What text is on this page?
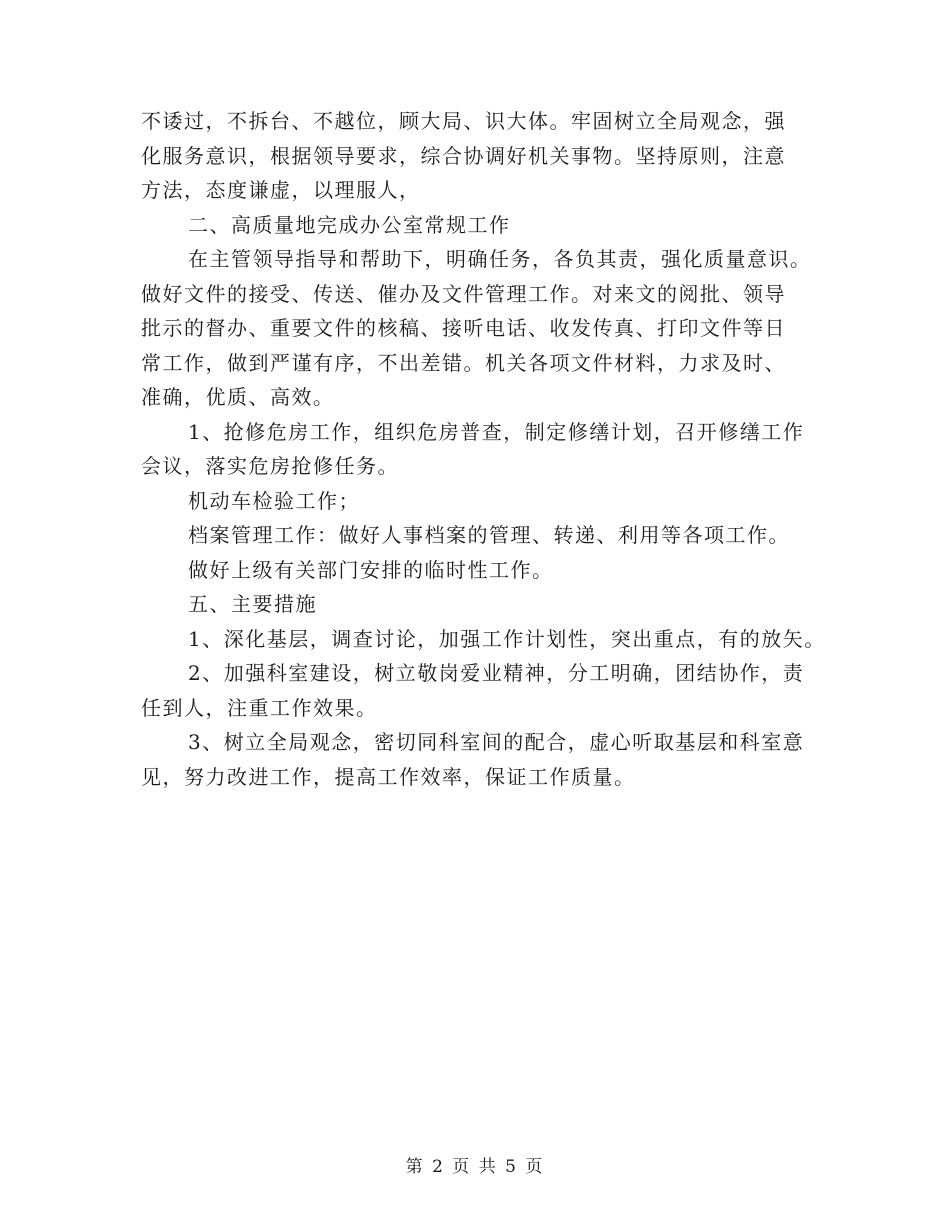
不诿过，不拆台、不越位，顾大局、识大体。牢固树立全局观念，强
化服务意识，根据领导要求，综合协调好机关事物。坚持原则，注意
方法，态度谦虚，以理服人，
二、高质量地完成办公室常规工作
在主管领导指导和帮助下，明确任务，各负其责，强化质量意识。
做好文件的接受、传送、催办及文件管理工作。对来文的阅批、领导
批示的督办、重要文件的核稿、接听电话、收发传真、打印文件等日
常工作，做到严谨有序，不出差错。机关各项文件材料，力求及时、
准确，优质、高效。
1、抢修危房工作，组织危房普查，制定修缮计划，召开修缮工作
会议，落实危房抢修任务。
机动车检验工作；
档案管理工作：做好人事档案的管理、转递、利用等各项工作。
做好上级有关部门安排的临时性工作。
五、主要措施
1、深化基层，调查讨论，加强工作计划性，突出重点，有的放矢。
2、加强科室建设，树立敬岗爱业精神，分工明确，团结协作，责
任到人，注重工作效果。
3、树立全局观念，密切同科室间的配合，虚心听取基层和科室意
见，努力改进工作，提高工作效率，保证工作质量。
第 2 页 共 5 页
